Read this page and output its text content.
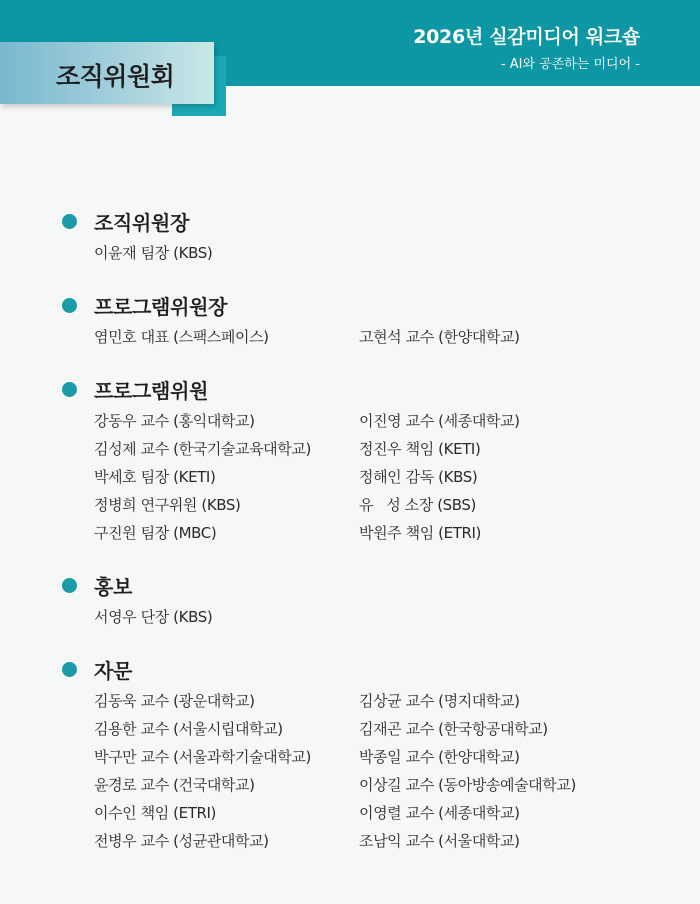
2026년 실감미디어 워크숍
- AI와 공존하는 미디어 -
조직위원회
조직위원장
이윤재 팀장 (KBS)
프로그램위원장
염민호 대표 (스팩스페이스)	고현석 교수 (한양대학교)
프로그램위원
강동우 교수 (홍익대학교)	이진영 교수 (세종대학교)
김성제 교수 (한국기술교육대학교)	정진우 책임 (KETI)
박세호 팀장 (KETI)	정해인 감독 (KBS)
정병희 연구위원 (KBS)	유   성 소장 (SBS)
구진원 팀장 (MBC)	박원주 책임 (ETRI)
홍보
서영우 단장 (KBS)
자문
김동욱 교수 (광운대학교)	김상균 교수 (명지대학교)
김용한 교수 (서울시립대학교)	김재곤 교수 (한국항공대학교)
박구만 교수 (서울과학기술대학교)	박종일 교수 (한양대학교)
윤경로 교수 (건국대학교)	이상길 교수 (동아방송예술대학교)
이수인 책임 (ETRI)	이영렬 교수 (세종대학교)
전병우 교수 (성균관대학교)	조남익 교수 (서울대학교)
